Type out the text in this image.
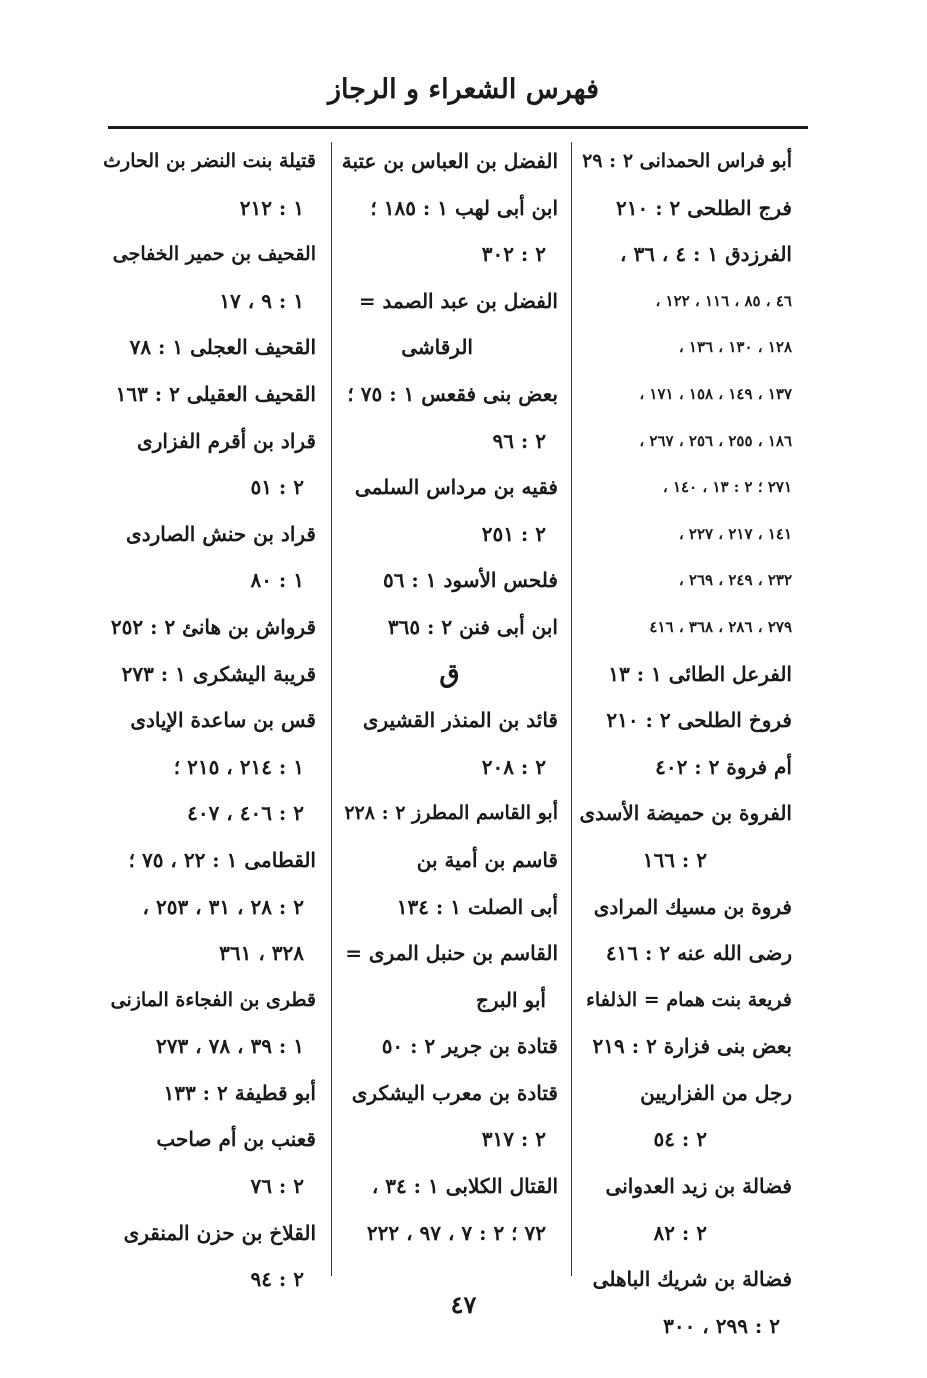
فهرس الشعراء و الرجاز
أبو فراس الحمدانى ٢ : ٢٩
فرج الطلحى ٢ : ٢١٠
الفرزدق ١ : ٤ ، ٣٦ ،
٤٦ ، ٨٥ ، ١١٦ ، ١٢٢ ،
١٢٨ ، ١٣٠ ، ١٣٦ ،
١٣٧ ، ١٤٩ ، ١٥٨ ، ١٧١ ،
١٨٦ ، ٢٥٥ ، ٢٥٦ ، ٢٦٧ ،
٢٧١ ؛ ٢ : ١٣ ، ١٤٠ ،
١٤١ ، ٢١٧ ، ٢٢٧ ،
٢٣٢ ، ٢٤٩ ، ٢٦٩ ،
٢٧٩ ، ٢٨٦ ، ٣٦٨ ، ٤١٦
الفرعل الطائى ١ : ١٣
فروخ الطلحى ٢ : ٢١٠
أم فروة ٢ : ٤٠٢
الفروة بن حميضة الأسدى
٢ : ١٦٦
فروة بن مسيك المرادى
رضى الله عنه ٢ : ٤١٦
فريعة بنت همام = الذلفاء
بعض بنى فزارة ٢ : ٢١٩
رجل من الفزاريين
٢ : ٥٤
فضالة بن زيد العدوانى
٢ : ٨٢
فضالة بن شريك الباهلى
٢ : ٢٩٩ ، ٣٠٠
الفضل بن العباس بن عتبة
ابن أبى لهب ١ : ١٨٥ ؛
٢ : ٣٠٢
الفضل بن عبد الصمد =
الرقاشى
بعض بنى فقعس ١ : ٧٥ ؛
٢ : ٩٦
فقيه بن مرداس السلمى
٢ : ٢٥١
فلحس الأسود ١ : ٥٦
ابن أبى فنن ٢ : ٣٦٥
ق
قائد بن المنذر القشيرى
٢ : ٢٠٨
أبو القاسم المطرز ٢ : ٢٢٨
قاسم بن أمية بن
أبى الصلت ١ : ١٣٤
القاسم بن حنبل المرى =
أبو البرج
قتادة بن جرير ٢ : ٥٠
قتادة بن معرب اليشكرى
٢ : ٣١٧
القتال الكلابى ١ : ٣٤ ،
٧٢ ؛ ٢ : ٧ ، ٩٧ ، ٢٢٢
قتيلة بنت النضر بن الحارث
١ : ٢١٢
القحيف بن حمير الخفاجى
١ : ٩ ، ١٧
القحيف العجلى ١ : ٧٨
القحيف العقيلى ٢ : ١٦٣
قراد بن أقرم الفزارى
٢ : ٥١
قراد بن حنش الصاردى
١ : ٨٠
قرواش بن هانئ ٢ : ٢٥٢
قريبة اليشكرى ١ : ٢٧٣
قس بن ساعدة الإيادى
١ : ٢١٤ ، ٢١٥ ؛
٢ : ٤٠٦ ، ٤٠٧
القطامى ١ : ٢٢ ، ٧٥ ؛
٢ : ٢٨ ، ٣١ ، ٢٥٣ ،
٣٢٨ ، ٣٦١
قطرى بن الفجاءة المازنى
١ : ٣٩ ، ٧٨ ، ٢٧٣
أبو قطيفة ٢ : ١٣٣
قعنب بن أم صاحب
٢ : ٧٦
القلاخ بن حزن المنقرى
٢ : ٩٤
٤٧
